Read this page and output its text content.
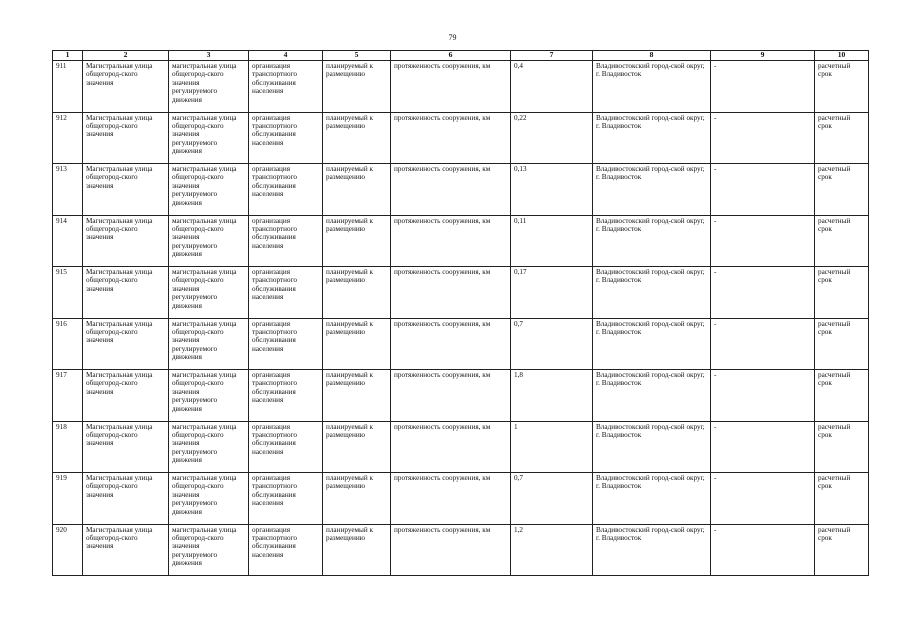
79
1	2	3	4	5	6	7	8	9	10
911	Магистральная улица общегород-ского значения	магистральная улица общегород-ского значения регулируемого движения	организация транспортного обслуживания населения	планируемый к размещению	протяженность сооружения, км	0,4	Владивостокский город-ской округ, г. Владивосток	-	расчетный срок
912	Магистральная улица общегород-ского значения	магистральная улица общегород-ского значения регулируемого движения	организация транспортного обслуживания населения	планируемый к размещению	протяженность сооружения, км	0,22	Владивостокский город-ской округ, г. Владивосток	-	расчетный срок
913	Магистральная улица общегород-ского значения	магистральная улица общегород-ского значения регулируемого движения	организация транспортного обслуживания населения	планируемый к размещению	протяженность сооружения, км	0,13	Владивостокский город-ской округ, г. Владивосток	-	расчетный срок
914	Магистральная улица общегород-ского значения	магистральная улица общегород-ского значения регулируемого движения	организация транспортного обслуживания населения	планируемый к размещению	протяженность сооружения, км	0,11	Владивостокский город-ской округ, г. Владивосток	-	расчетный срок
915	Магистральная улица общегород-ского значения	магистральная улица общегород-ского значения регулируемого движения	организация транспортного обслуживания населения	планируемый к размещению	протяженность сооружения, км	0,17	Владивостокский город-ской округ, г. Владивосток	-	расчетный срок
916	Магистральная улица общегород-ского значения	магистральная улица общегород-ского значения регулируемого движения	организация транспортного обслуживания населения	планируемый к размещению	протяженность сооружения, км	0,7	Владивостокский город-ской округ, г. Владивосток	-	расчетный срок
917	Магистральная улица общегород-ского значения	магистральная улица общегород-ского значения регулируемого движения	организация транспортного обслуживания населения	планируемый к размещению	протяженность сооружения, км	1,8	Владивостокский город-ской округ, г. Владивосток	-	расчетный срок
918	Магистральная улица общегород-ского значения	магистральная улица общегород-ского значения регулируемого движения	организация транспортного обслуживания населения	планируемый к размещению	протяженность сооружения, км	1	Владивостокский город-ской округ, г. Владивосток	-	расчетный срок
919	Магистральная улица общегород-ского значения	магистральная улица общегород-ского значения регулируемого движения	организация транспортного обслуживания населения	планируемый к размещению	протяженность сооружения, км	0,7	Владивостокский город-ской округ, г. Владивосток	-	расчетный срок
920	Магистральная улица общегород-ского значения	магистральная улица общегород-ского значения регулируемого движения	организация транспортного обслуживания населения	планируемый к размещению	протяженность сооружения, км	1,2	Владивостокский город-ской округ, г. Владивосток	-	расчетный срок
